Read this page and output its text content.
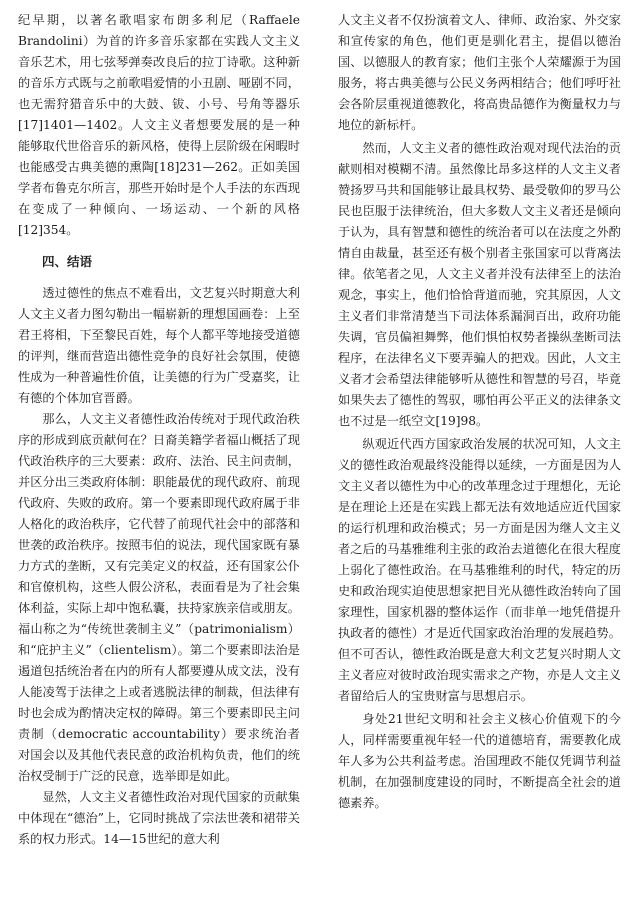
纪早期，以著名歌唱家布朗多利尼（Raffaele Brandolini）为首的许多音乐家都在实践人文主义音乐艺术，用七弦琴弹奏改良后的拉丁诗歌。这种新的音乐方式既与之前歌唱爱情的小丑剧、哑剧不同，也无需狩猎音乐中的大鼓、钹、小号、号角等器乐[17]1401—1402。人文主义者想要发展的是一种能够取代世俗音乐的新风格，使得上层阶级在闲暇时也能感受古典美德的熏陶[18]231—262。正如美国学者布鲁克尔所言，那些开始时是个人手法的东西现在变成了一种倾向、一场运动、一个新的风格[12]354。

四、结语

透过德性的焦点不难看出，文艺复兴时期意大利人文主义者力图勾勒出一幅崭新的理想国画卷：上至君王将相，下至黎民百姓，每个人都平等地接受道德的评判，继而营造出德性竞争的良好社会氛围，使德性成为一种普遍性价值，让美德的行为广受嘉奖，让有德的个体加官晋爵。

那么，人文主义者德性政治传统对于现代政治秩序的形成到底贡献何在？日裔美籍学者福山概括了现代政治秩序的三大要素：政府、法治、民主问责制，并区分出三类政府体制：职能最优的现代政府、前现代政府、失败的政府。第一个要素即现代政府属于非人格化的政治秩序，它代替了前现代社会中的部落和世袭的政治秩序。按照韦伯的说法，现代国家既有暴力方式的垄断，又有完美定义的权益，还有国家公仆和官僚机构，这些人假公济私，表面看是为了社会集体利益，实际上却中饱私囊，扶持家族亲信或朋友。福山称之为“传统世袭制主义”（patrimonialism）和“庇护主义”（clientelism）。第二个要素即法治是遏道包括统治者在内的所有人都要遵从成文法，没有人能凌驾于法律之上或者逃脱法律的制裁，但法律有时也会成为酌情决定权的障碍。第三个要素即民主问责制（democratic accountability）要求统治者对国会以及其他代表民意的政治机构负责，他们的统治权受制于广泛的民意，选举即是如此。

显然，人文主义者德性政治对现代国家的贡献集中体现在“德治”上，它同时挑战了宗法世袭和裙带关系的权力形式。14—15世纪的意大利

人文主义者不仅扮演着文人、律师、政治家、外交家和宣传家的角色，他们更是驯化君主，提倡以德治国、以德服人的教育家；他们主张个人荣耀源于为国服务，将古典美德与公民义务两相结合；他们呼吁社会各阶层重视道德教化，将高贵品德作为衡量权力与地位的新标杆。

然而，人文主义者的德性政治观对现代法治的贡献则相对模糊不清。虽然像比昂多这样的人文主义者赞扬罗马共和国能够让最具权势、最受敬仰的罗马公民也臣服于法律统治，但大多数人文主义者还是倾向于认为，具有智慧和德性的统治者可以在法度之外酌情自由裁量，甚至还有极个别者主张国家可以背离法律。依笔者之见，人文主义者并没有法律至上的法治观念，事实上，他们恰恰背道而驰，究其原因，人文主义者们非常清楚当下司法体系漏洞百出，政府功能失调，官员偏袒舞弊，他们惧怕权势者操纵垄断司法程序，在法律名义下要弄骗人的把戏。因此，人文主义者才会希望法律能够听从德性和智慧的号召，毕竟如果失去了德性的驾驭，哪怕再公平正义的法律条文也不过是一纸空文[19]98。

纵观近代西方国家政治发展的状况可知，人文主义的德性政治观最终没能得以延续，一方面是因为人文主义者以德性为中心的改革理念过于理想化，无论是在理论上还是在实践上都无法有效地适应近代国家的运行机理和政治模式；另一方面是因为继人文主义者之后的马基雅维利主张的政治去道德化在很大程度上弱化了德性政治。在马基雅维利的时代，特定的历史和政治现实迫使思想家把目光从德性政治转向了国家理性，国家机器的整体运作（而非单一地凭借提升执政者的德性）才是近代国家政治治理的发展趋势。但不可否认，德性政治既是意大利文艺复兴时期人文主义者应对彼时政治现实需求之产物，亦是人文主义者留给后人的宝贵财富与思想启示。

身处21世纪文明和社会主义核心价值观下的今人，同样需要重视年轻一代的道德培育，需要教化成年人多为公共利益考虑。治国理政不能仅凭调节利益机制，在加强制度建设的同时，不断提高全社会的道德素养。
